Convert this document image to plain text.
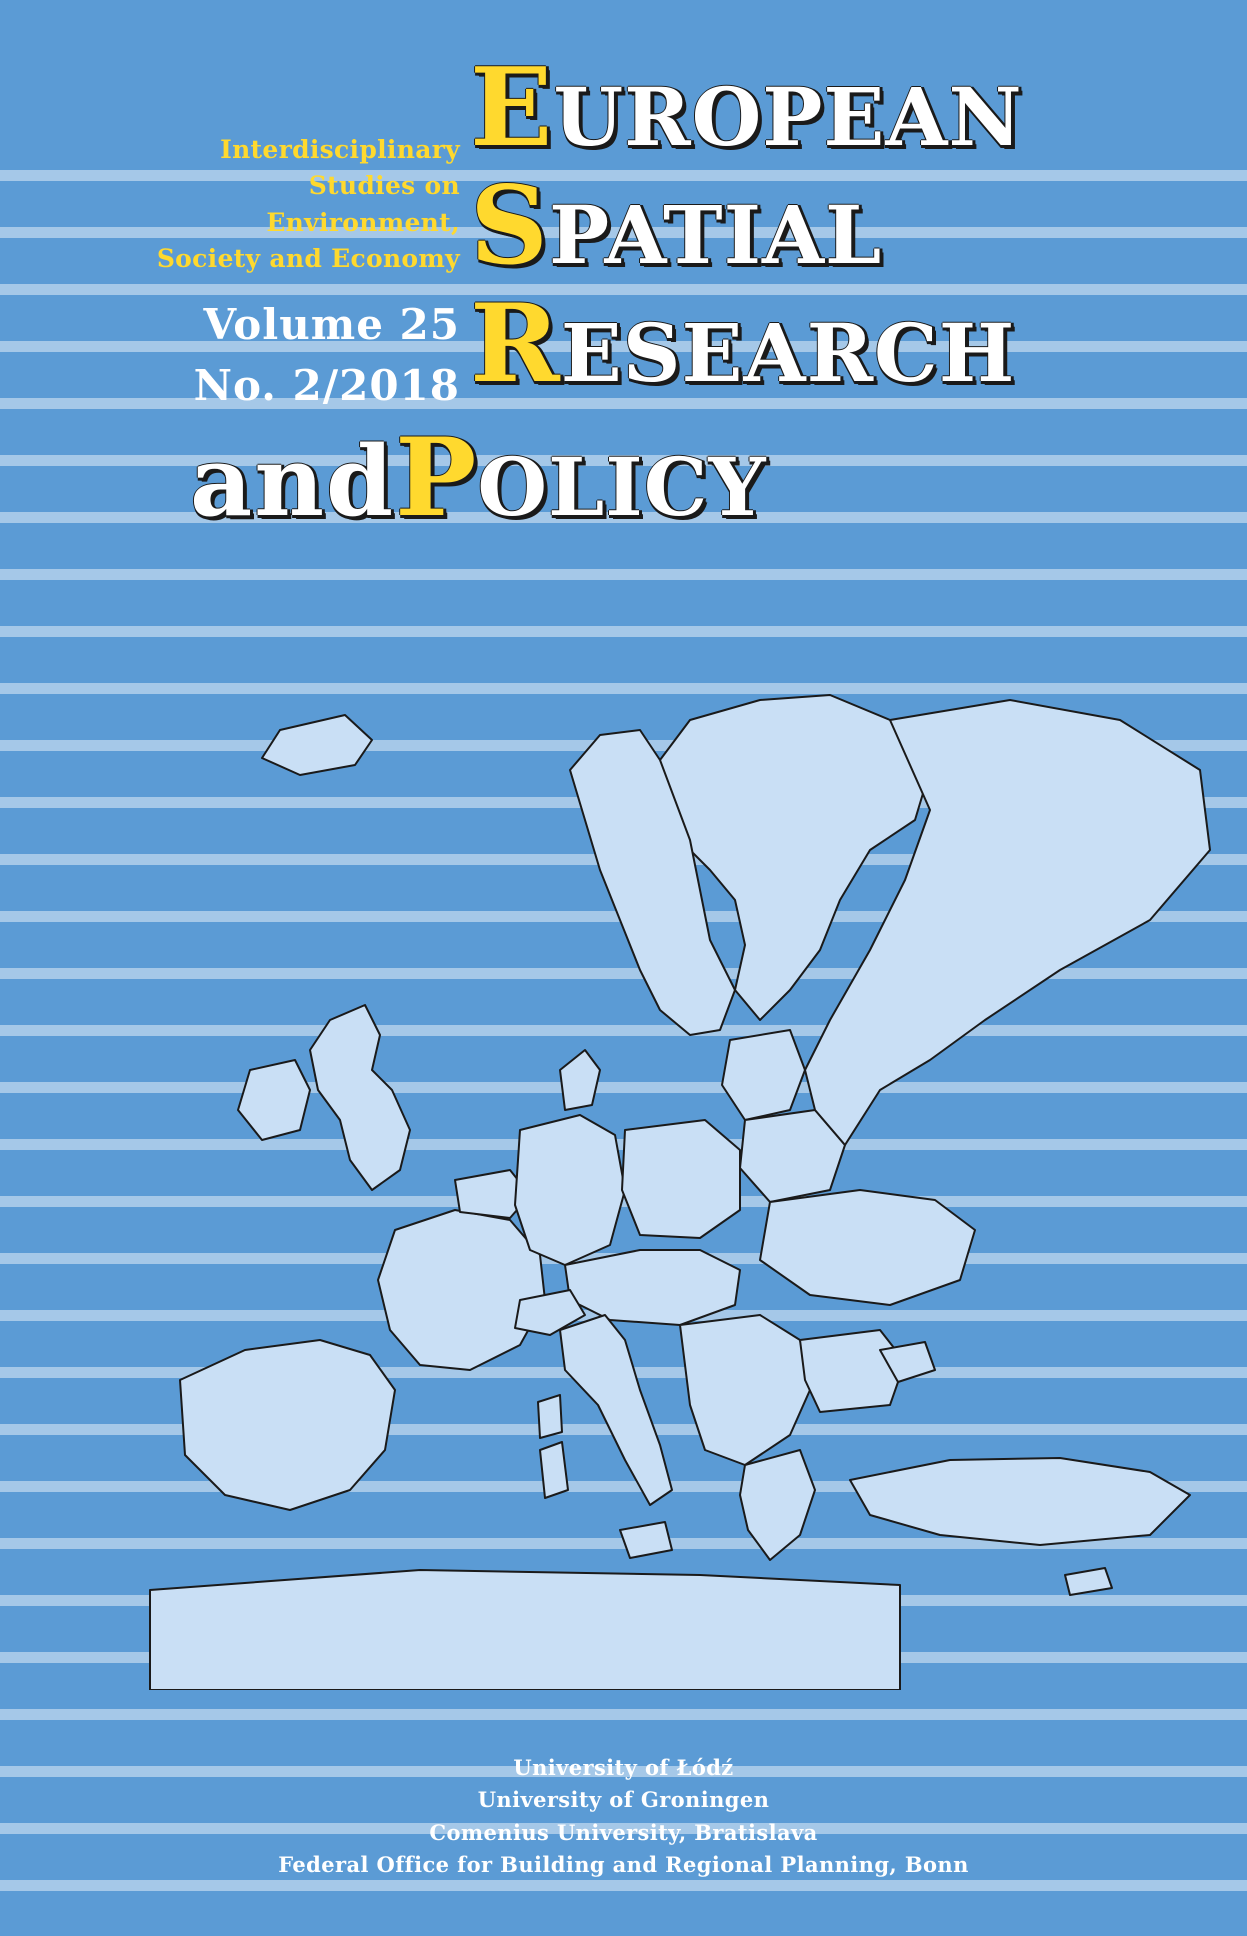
Interdisciplinary
Studies on Environment,
Society and Economy
Volume 25
No. 2/2018
EUROPEAN
SPATIAL
RESEARCH
andPOLICY
University of Łódź
University of Groningen
Comenius University, Bratislava
Federal Office for Building and Regional Planning, Bonn
